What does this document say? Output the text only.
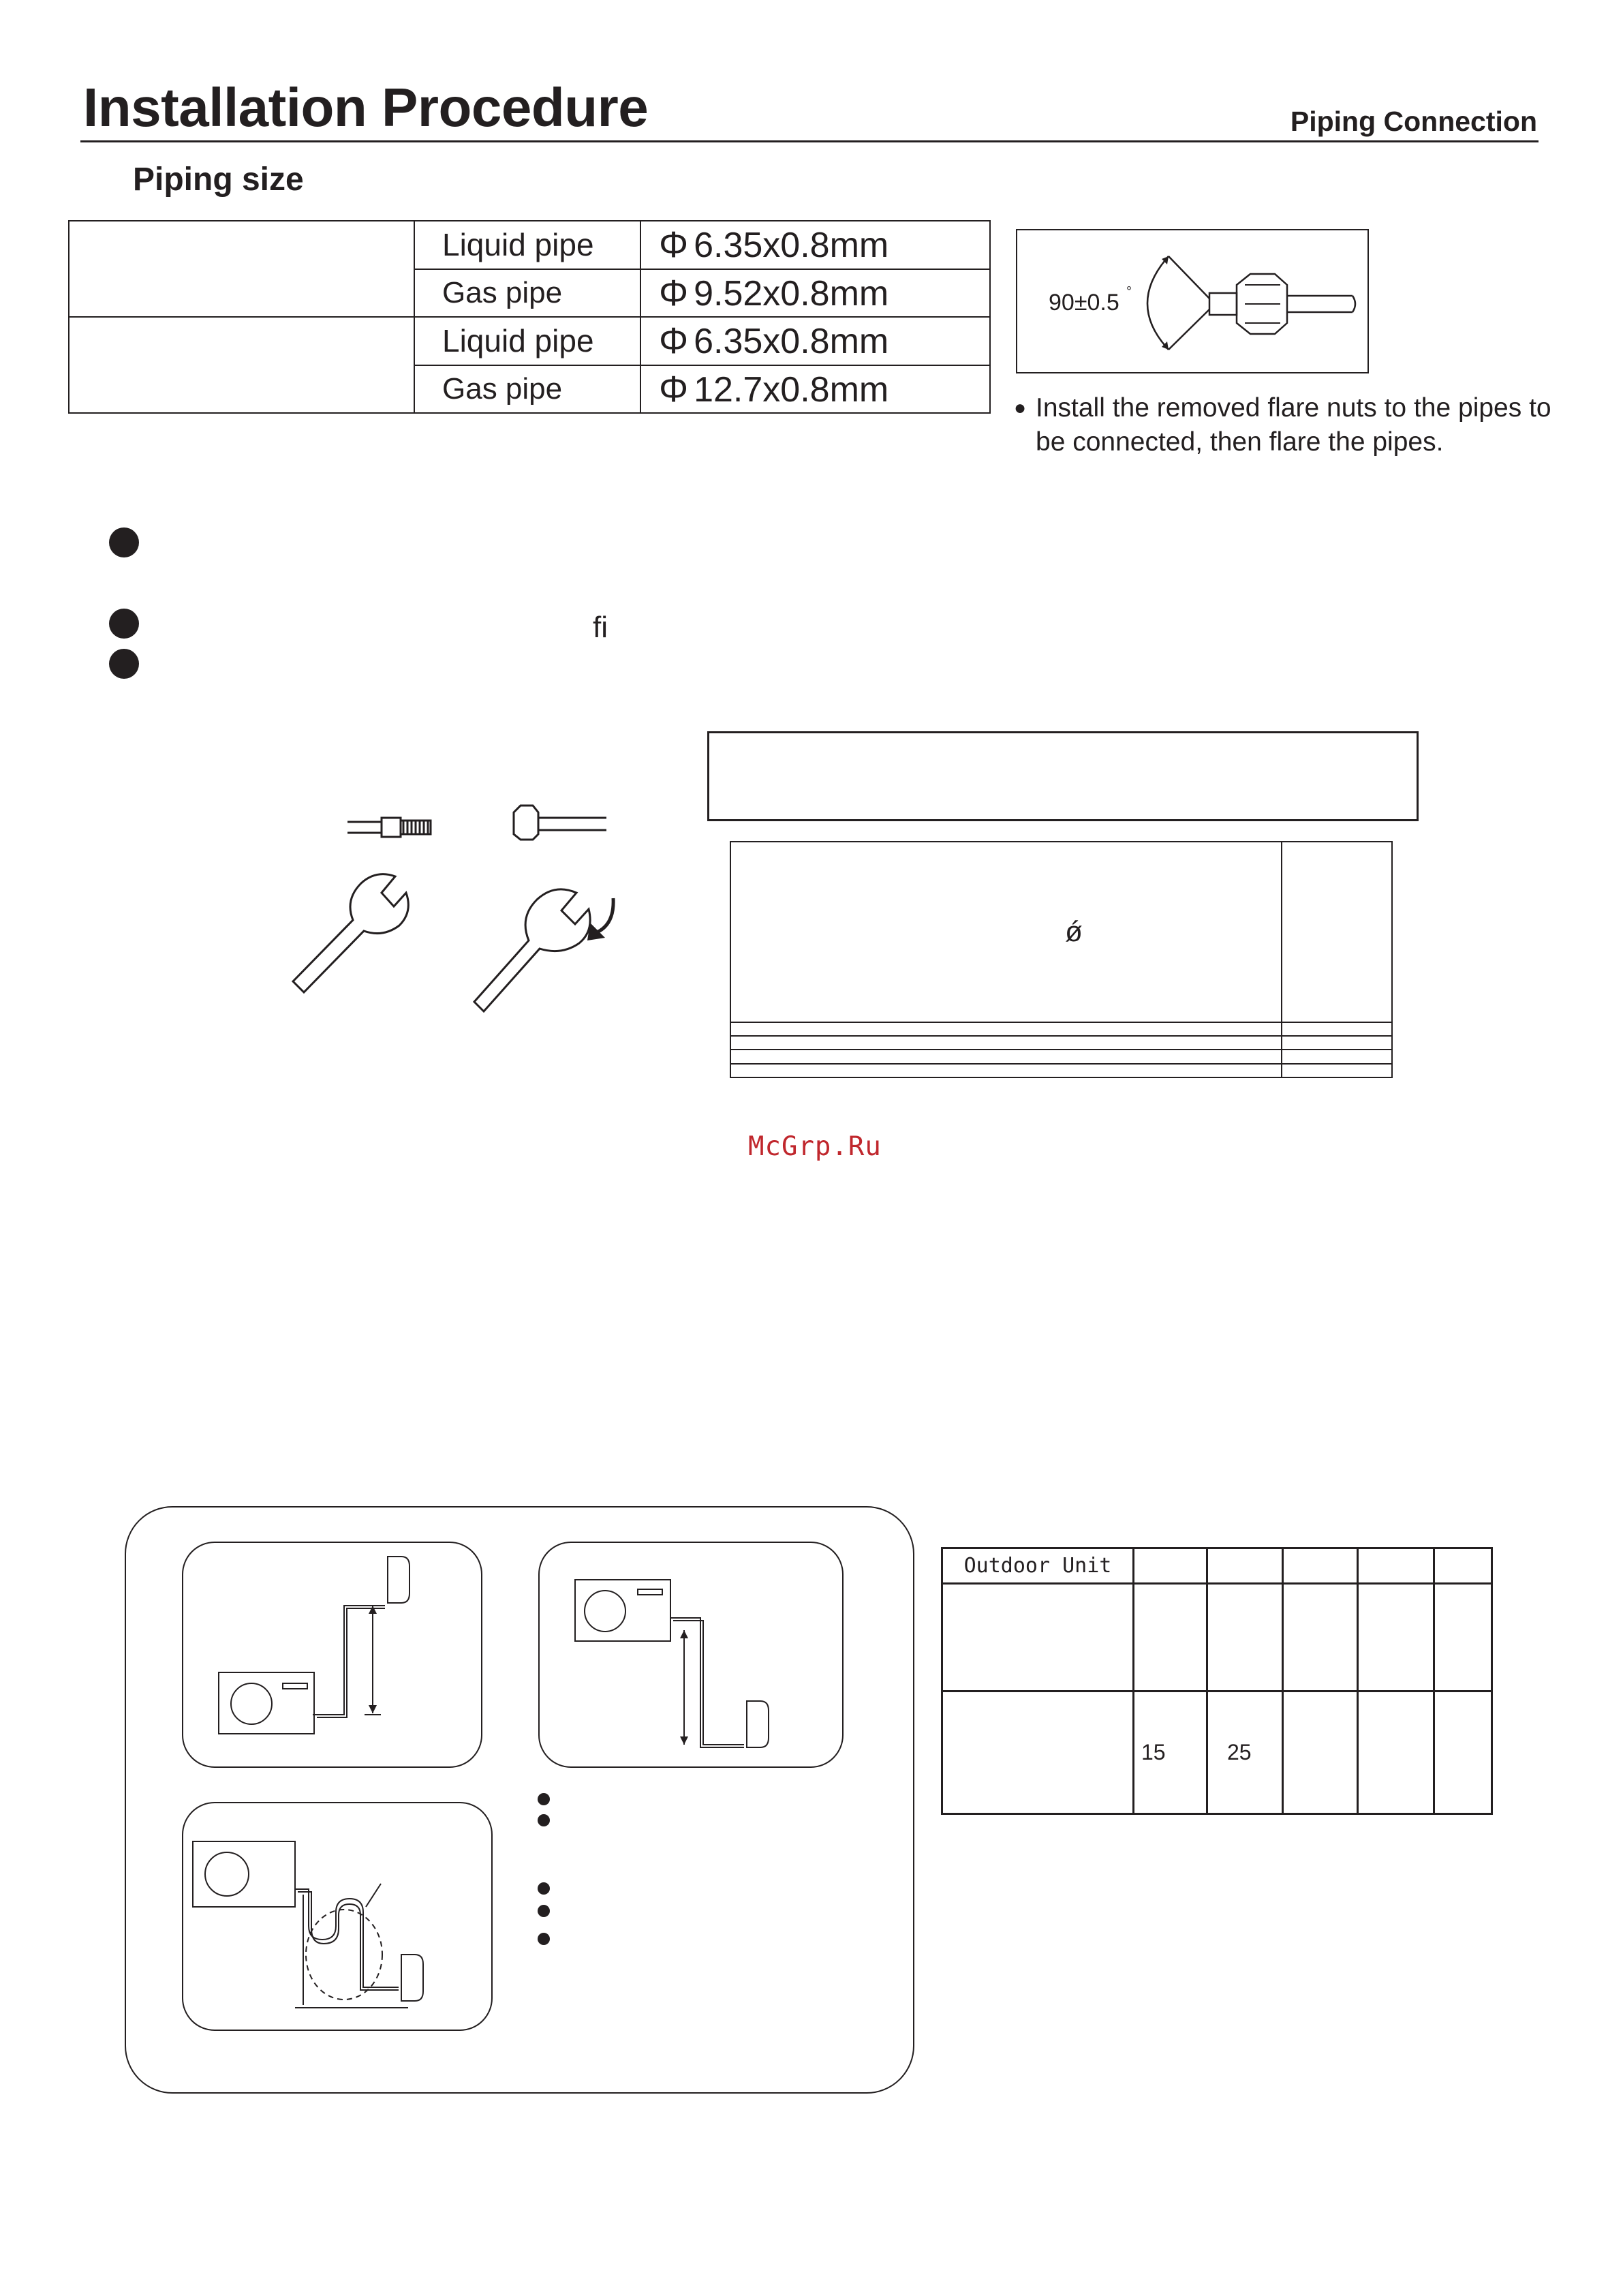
Installation Procedure	Piping Connection
Piping size
	Liquid pipe	Φ 6.35x0.8mm
	Gas pipe	Φ 9.52x0.8mm
	Liquid pipe	Φ 6.35x0.8mm
	Gas pipe	Φ 12.7x0.8mm
90±0.5 °
● Install the removed flare nuts to the pipes to be connected, then flare the pipes.
fi
ǿ	

McGrp.Ru
Outdoor Unit					

	15	25			
